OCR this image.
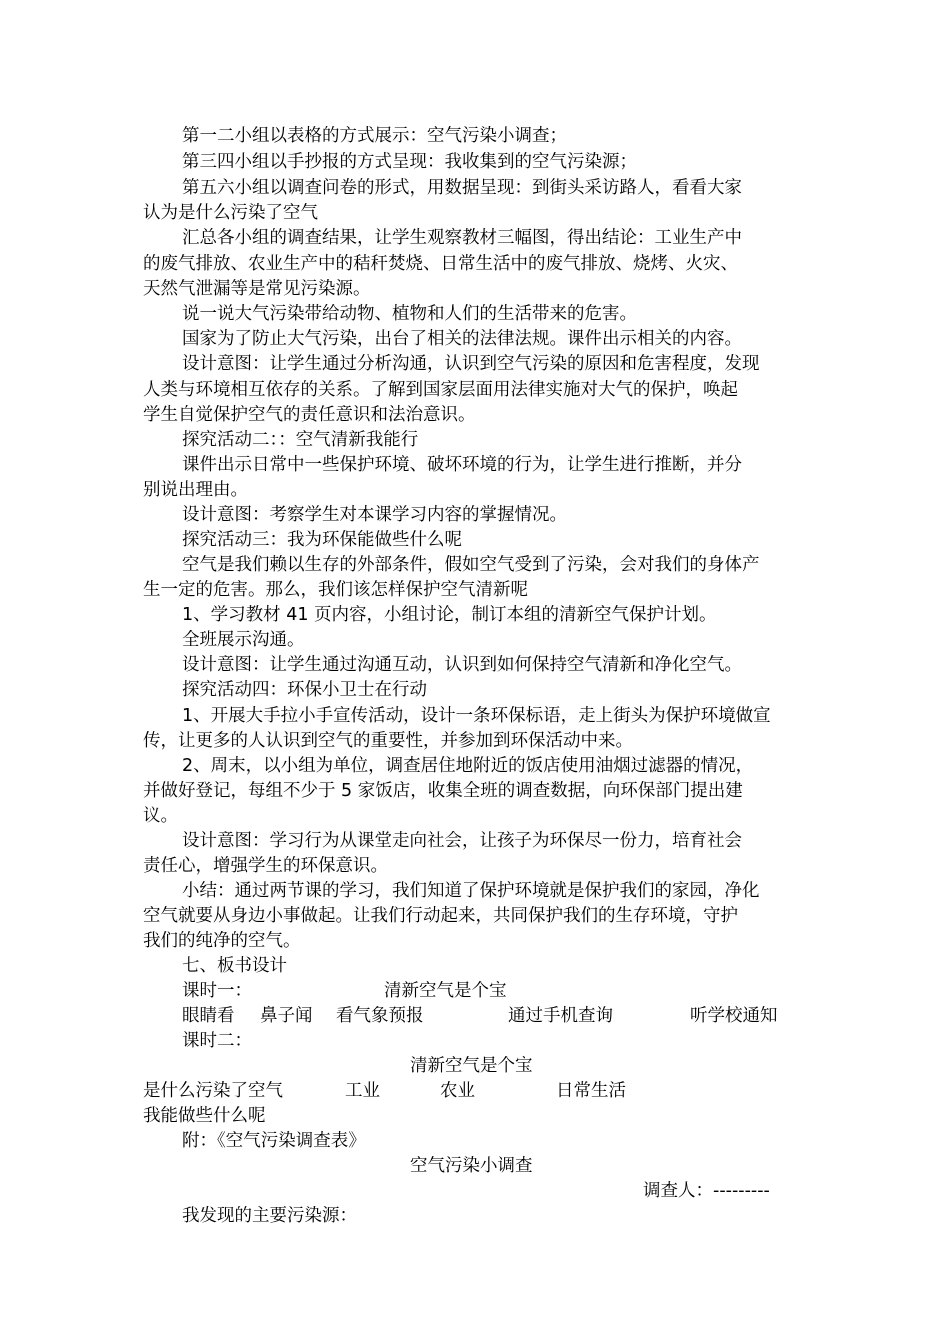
第一二小组以表格的方式展示：空气污染小调查；
第三四小组以手抄报的方式呈现：我收集到的空气污染源；
第五六小组以调查问卷的形式，用数据呈现：到街头采访路人，看看大家
认为是什么污染了空气
汇总各小组的调查结果，让学生观察教材三幅图，得出结论：工业生产中
的废气排放、农业生产中的秸秆焚烧、日常生活中的废气排放、烧烤、火灾、
天然气泄漏等是常见污染源。
说一说大气污染带给动物、植物和人们的生活带来的危害。
国家为了防止大气污染，出台了相关的法律法规。课件出示相关的内容。
设计意图：让学生通过分析沟通，认识到空气污染的原因和危害程度，发现
人类与环境相互依存的关系。了解到国家层面用法律实施对大气的保护，唤起
学生自觉保护空气的责任意识和法治意识。
探究活动二：：空气清新我能行
课件出示日常中一些保护环境、破坏环境的行为，让学生进行推断，并分
别说出理由。
设计意图：考察学生对本课学习内容的掌握情况。
探究活动三：我为环保能做些什么呢
空气是我们赖以生存的外部条件，假如空气受到了污染，会对我们的身体产
生一定的危害。那么，我们该怎样保护空气清新呢
1、学习教材 41 页内容，小组讨论，制订本组的清新空气保护计划。
全班展示沟通。
设计意图：让学生通过沟通互动，认识到如何保持空气清新和净化空气。
探究活动四：环保小卫士在行动
1、开展大手拉小手宣传活动，设计一条环保标语，走上街头为保护环境做宣
传，让更多的人认识到空气的重要性，并参加到环保活动中来。
2、周末，以小组为单位，调查居住地附近的饭店使用油烟过滤器的情况，
并做好登记，每组不少于 5 家饭店，收集全班的调查数据，向环保部门提出建
议。
设计意图：学习行为从课堂走向社会，让孩子为环保尽一份力，培育社会
责任心，增强学生的环保意识。
小结：通过两节课的学习，我们知道了保护环境就是保护我们的家园，净化
空气就要从身边小事做起。让我们行动起来，共同保护我们的生存环境，守护
我们的纯净的空气。
七、板书设计
课时一：	清新空气是个宝
眼睛看 鼻子闻 看气象预报	通过手机查询	听学校通知
课时二：
清新空气是个宝
是什么污染了空气	工业	农业	日常生活
我能做些什么呢
附：《空气污染调查表》
空气污染小调查
调查人：---------
我发现的主要污染源：
